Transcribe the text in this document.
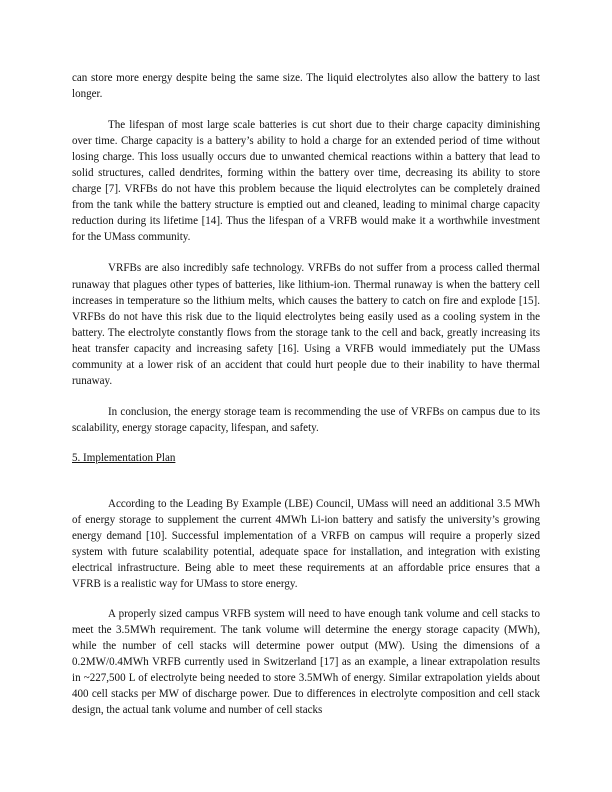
can store more energy despite being the same size. The liquid electrolytes also allow the battery to last longer.

The lifespan of most large scale batteries is cut short due to their charge capacity diminishing over time. Charge capacity is a battery’s ability to hold a charge for an extended period of time without losing charge. This loss usually occurs due to unwanted chemical reactions within a battery that lead to solid structures, called dendrites, forming within the battery over time, decreasing its ability to store charge [7]. VRFBs do not have this problem because the liquid electrolytes can be completely drained from the tank while the battery structure is emptied out and cleaned, leading to minimal charge capacity reduction during its lifetime [14]. Thus the lifespan of a VRFB would make it a worthwhile investment for the UMass community.

VRFBs are also incredibly safe technology. VRFBs do not suffer from a process called thermal runaway that plagues other types of batteries, like lithium-ion. Thermal runaway is when the battery cell increases in temperature so the lithium melts, which causes the battery to catch on fire and explode [15]. VRFBs do not have this risk due to the liquid electrolytes being easily used as a cooling system in the battery. The electrolyte constantly flows from the storage tank to the cell and back, greatly increasing its heat transfer capacity and increasing safety [16]. Using a VRFB would immediately put the UMass community at a lower risk of an accident that could hurt people due to their inability to have thermal runaway.

In conclusion, the energy storage team is recommending the use of VRFBs on campus due to its scalability, energy storage capacity, lifespan, and safety.

5. Implementation Plan

According to the Leading By Example (LBE) Council, UMass will need an additional 3.5 MWh of energy storage to supplement the current 4MWh Li-ion battery and satisfy the university’s growing energy demand [10]. Successful implementation of a VRFB on campus will require a properly sized system with future scalability potential, adequate space for installation, and integration with existing electrical infrastructure. Being able to meet these requirements at an affordable price ensures that a VFRB is a realistic way for UMass to store energy.

A properly sized campus VRFB system will need to have enough tank volume and cell stacks to meet the 3.5MWh requirement. The tank volume will determine the energy storage capacity (MWh), while the number of cell stacks will determine power output (MW). Using the dimensions of a 0.2MW/0.4MWh VRFB currently used in Switzerland [17] as an example, a linear extrapolation results in ~227,500 L of electrolyte being needed to store 3.5MWh of energy. Similar extrapolation yields about 400 cell stacks per MW of discharge power. Due to differences in electrolyte composition and cell stack design, the actual tank volume and number of cell stacks
